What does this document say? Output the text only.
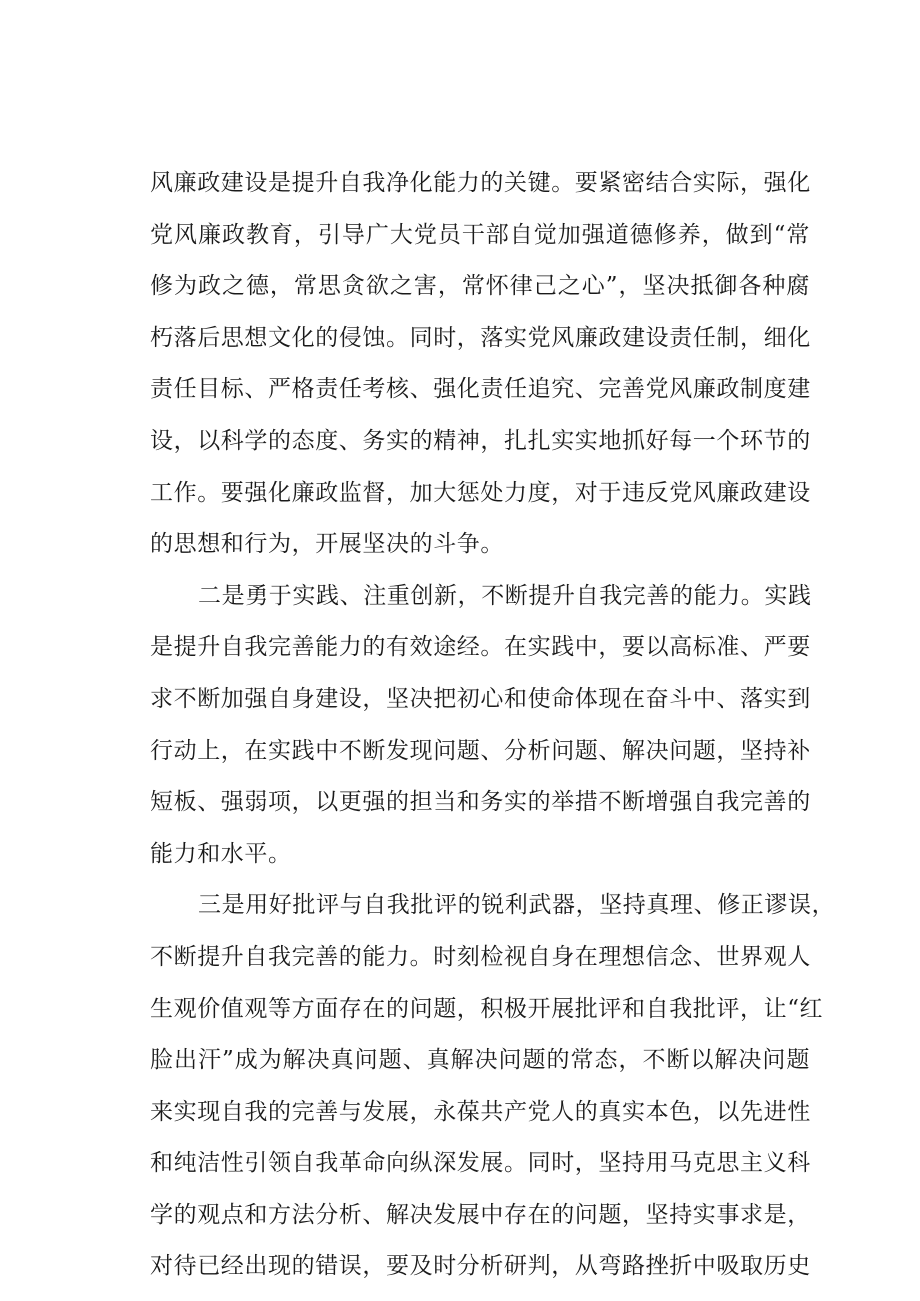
风廉政建设是提升自我净化能力的关键。要紧密结合实际，强化
党风廉政教育，引导广大党员干部自觉加强道德修养，做到“常
修为政之德，常思贪欲之害，常怀律己之心”，坚决抵御各种腐
朽落后思想文化的侵蚀。同时，落实党风廉政建设责任制，细化
责任目标、严格责任考核、强化责任追究、完善党风廉政制度建
设，以科学的态度、务实的精神，扎扎实实地抓好每一个环节的
工作。要强化廉政监督，加大惩处力度，对于违反党风廉政建设
的思想和行为，开展坚决的斗争。
二是勇于实践、注重创新，不断提升自我完善的能力。实践
是提升自我完善能力的有效途经。在实践中，要以高标准、严要
求不断加强自身建设，坚决把初心和使命体现在奋斗中、落实到
行动上，在实践中不断发现问题、分析问题、解决问题，坚持补
短板、强弱项，以更强的担当和务实的举措不断增强自我完善的
能力和水平。
三是用好批评与自我批评的锐利武器，坚持真理、修正谬误，
不断提升自我完善的能力。时刻检视自身在理想信念、世界观人
生观价值观等方面存在的问题，积极开展批评和自我批评，让“红
脸出汗”成为解决真问题、真解决问题的常态，不断以解决问题
来实现自我的完善与发展，永葆共产党人的真实本色，以先进性
和纯洁性引领自我革命向纵深发展。同时，坚持用马克思主义科
学的观点和方法分析、解决发展中存在的问题，坚持实事求是，
对待已经出现的错误，要及时分析研判，从弯路挫折中吸取历史
